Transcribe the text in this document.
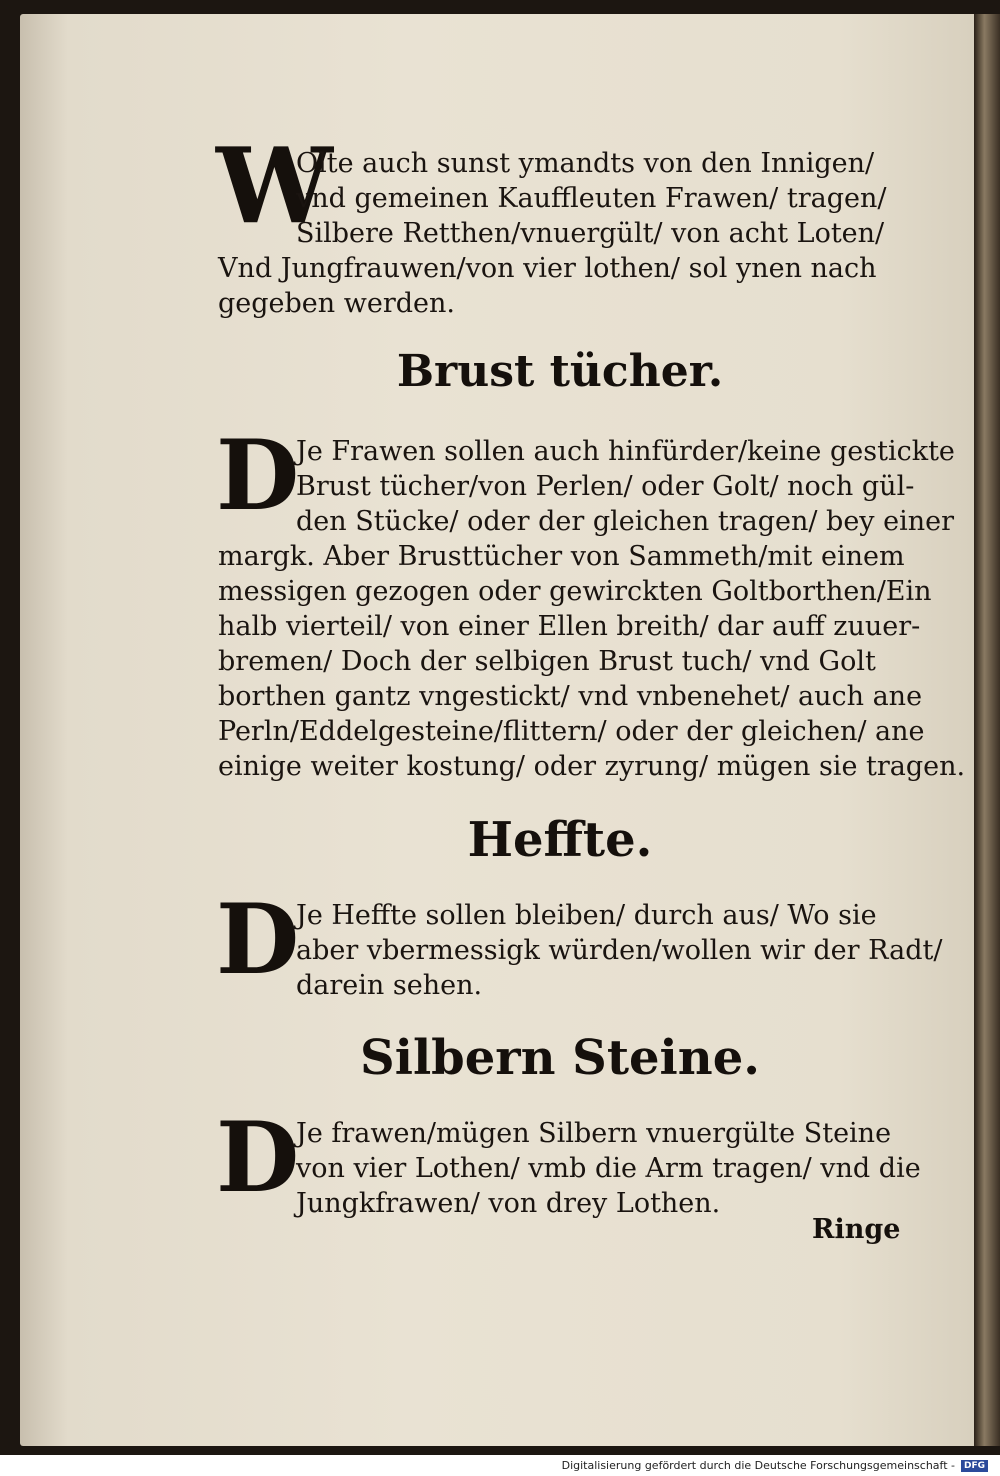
W
Olte auch sunst ymandts von den Innigen/
vnd gemeinen Kauffleuten Frawen/ tragen/
Silbere Retthen/vnuergült/ von acht Loten/
Vnd Jungfrauwen/von vier lothen/ sol ynen nach
gegeben werden.
Brust tücher.
D
Je Frawen sollen auch hinfürder/keine gestickte
Brust tücher/von Perlen/ oder Golt/ noch gül-
den Stücke/ oder der gleichen tragen/ bey einer
margk. Aber Brusttücher von Sammeth/mit einem
messigen gezogen oder gewirckten Goltborthen/Ein
halb vierteil/ von einer Ellen breith/ dar auff zuuer-
bremen/ Doch der selbigen Brust tuch/ vnd Golt
borthen gantz vngestickt/ vnd vnbenehet/ auch ane
Perln/Eddelgesteine/flittern/ oder der gleichen/ ane
einige weiter kostung/ oder zyrung/ mügen sie tragen.
Hefftе.
D
Je Heffte sollen bleiben/ durch aus/ Wo sie
aber vbermessigk würden/wollen wir der Radt/
darein sehen.
Silbern Steine.
D
Je frawen/mügen Silbern vnuergülte Steine
von vier Lothen/ vmb die Arm tragen/ vnd die
Jungkfrawen/ von drey Lothen.
Ringe
Digitalisierung gefördert durch die Deutsche Forschungsgemeinschaft - DFG
